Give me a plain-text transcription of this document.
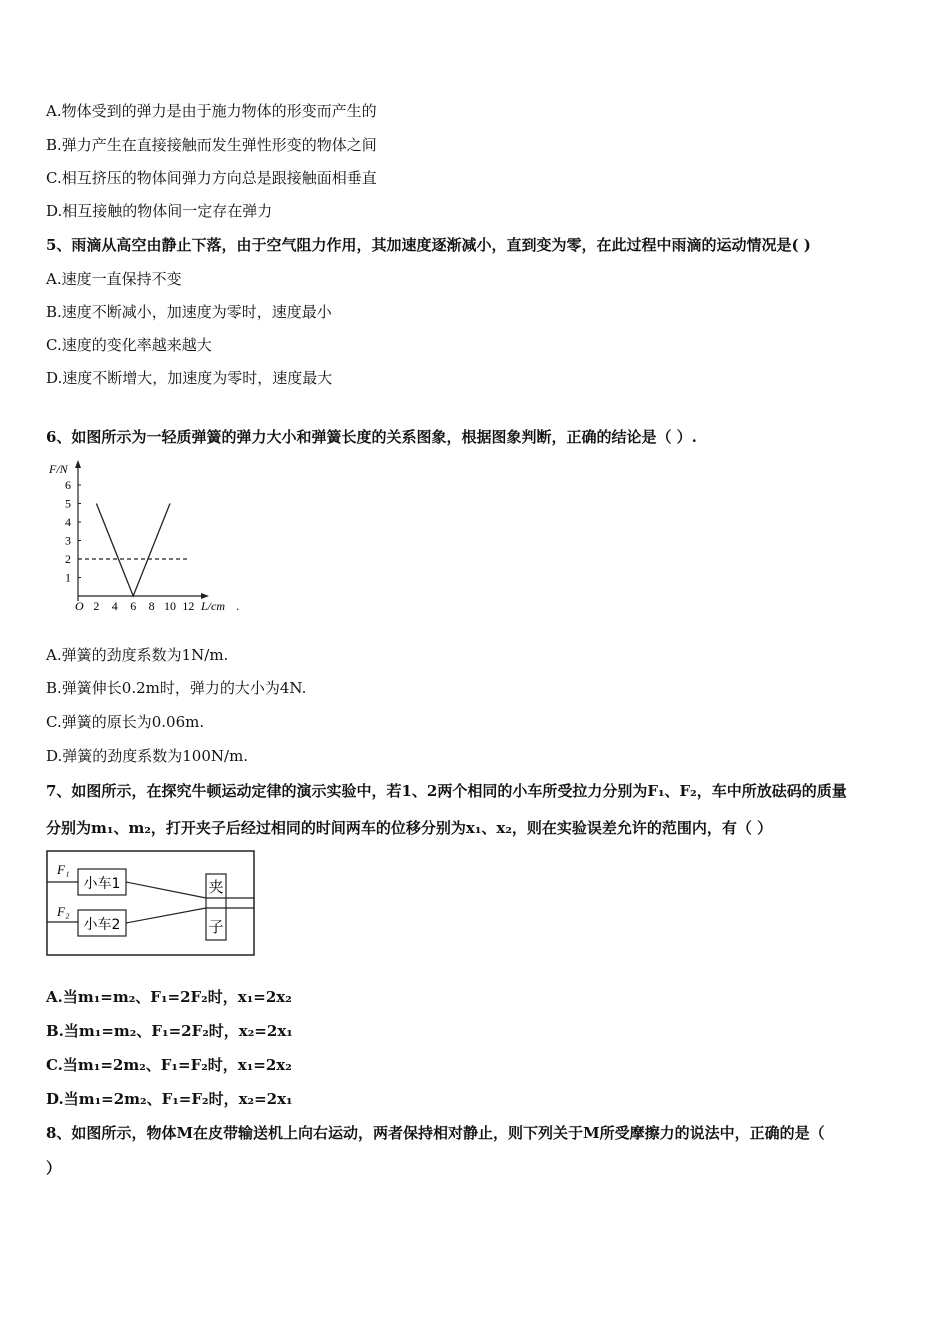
A.物体受到的弹力是由于施力物体的形变而产生的
B.弹力产生在直接接触而发生弹性形变的物体之间
C.相互挤压的物体间弹力方向总是跟接触面相垂直
D.相互接触的物体间一定存在弹力
5、雨滴从高空由静止下落，由于空气阻力作用，其加速度逐渐减小，直到变为零，在此过程中雨滴的运动情况是( )
A.速度一直保持不变
B.速度不断减小，加速度为零时，速度最小
C.速度的变化率越来越大
D.速度不断增大，加速度为零时，速度最大
6、如图所示为一轻质弹簧的弹力大小和弹簧长度的关系图象，根据图象判断，正确的结论是（ ）.
F/N
O	L/cm
2 4 6 8 10 12
1
2
3
4
5
6
.
A.弹簧的劲度系数为1N/m.
B.弹簧伸长0.2m时，弹力的大小为4N.
C.弹簧的原长为0.06m.
D.弹簧的劲度系数为100N/m.
7、如图所示，在探究牛顿运动定律的演示实验中，若1、2两个相同的小车所受拉力分别为F₁、F₂，车中所放砝码的质量
分别为m₁、m₂，打开夹子后经过相同的时间两车的位移分别为x₁、x₂，则在实验误差允许的范围内，有（ ）
F₁
F₂
小车1
小车2
夹
子
A.当m₁=m₂、F₁=2F₂时，x₁=2x₂
B.当m₁=m₂、F₁=2F₂时，x₂=2x₁
C.当m₁=2m₂、F₁=F₂时，x₁=2x₂
D.当m₁=2m₂、F₁=F₂时，x₂=2x₁
8、如图所示，物体M在皮带输送机上向右运动，两者保持相对静止，则下列关于M所受摩擦力的说法中，正确的是（
）
